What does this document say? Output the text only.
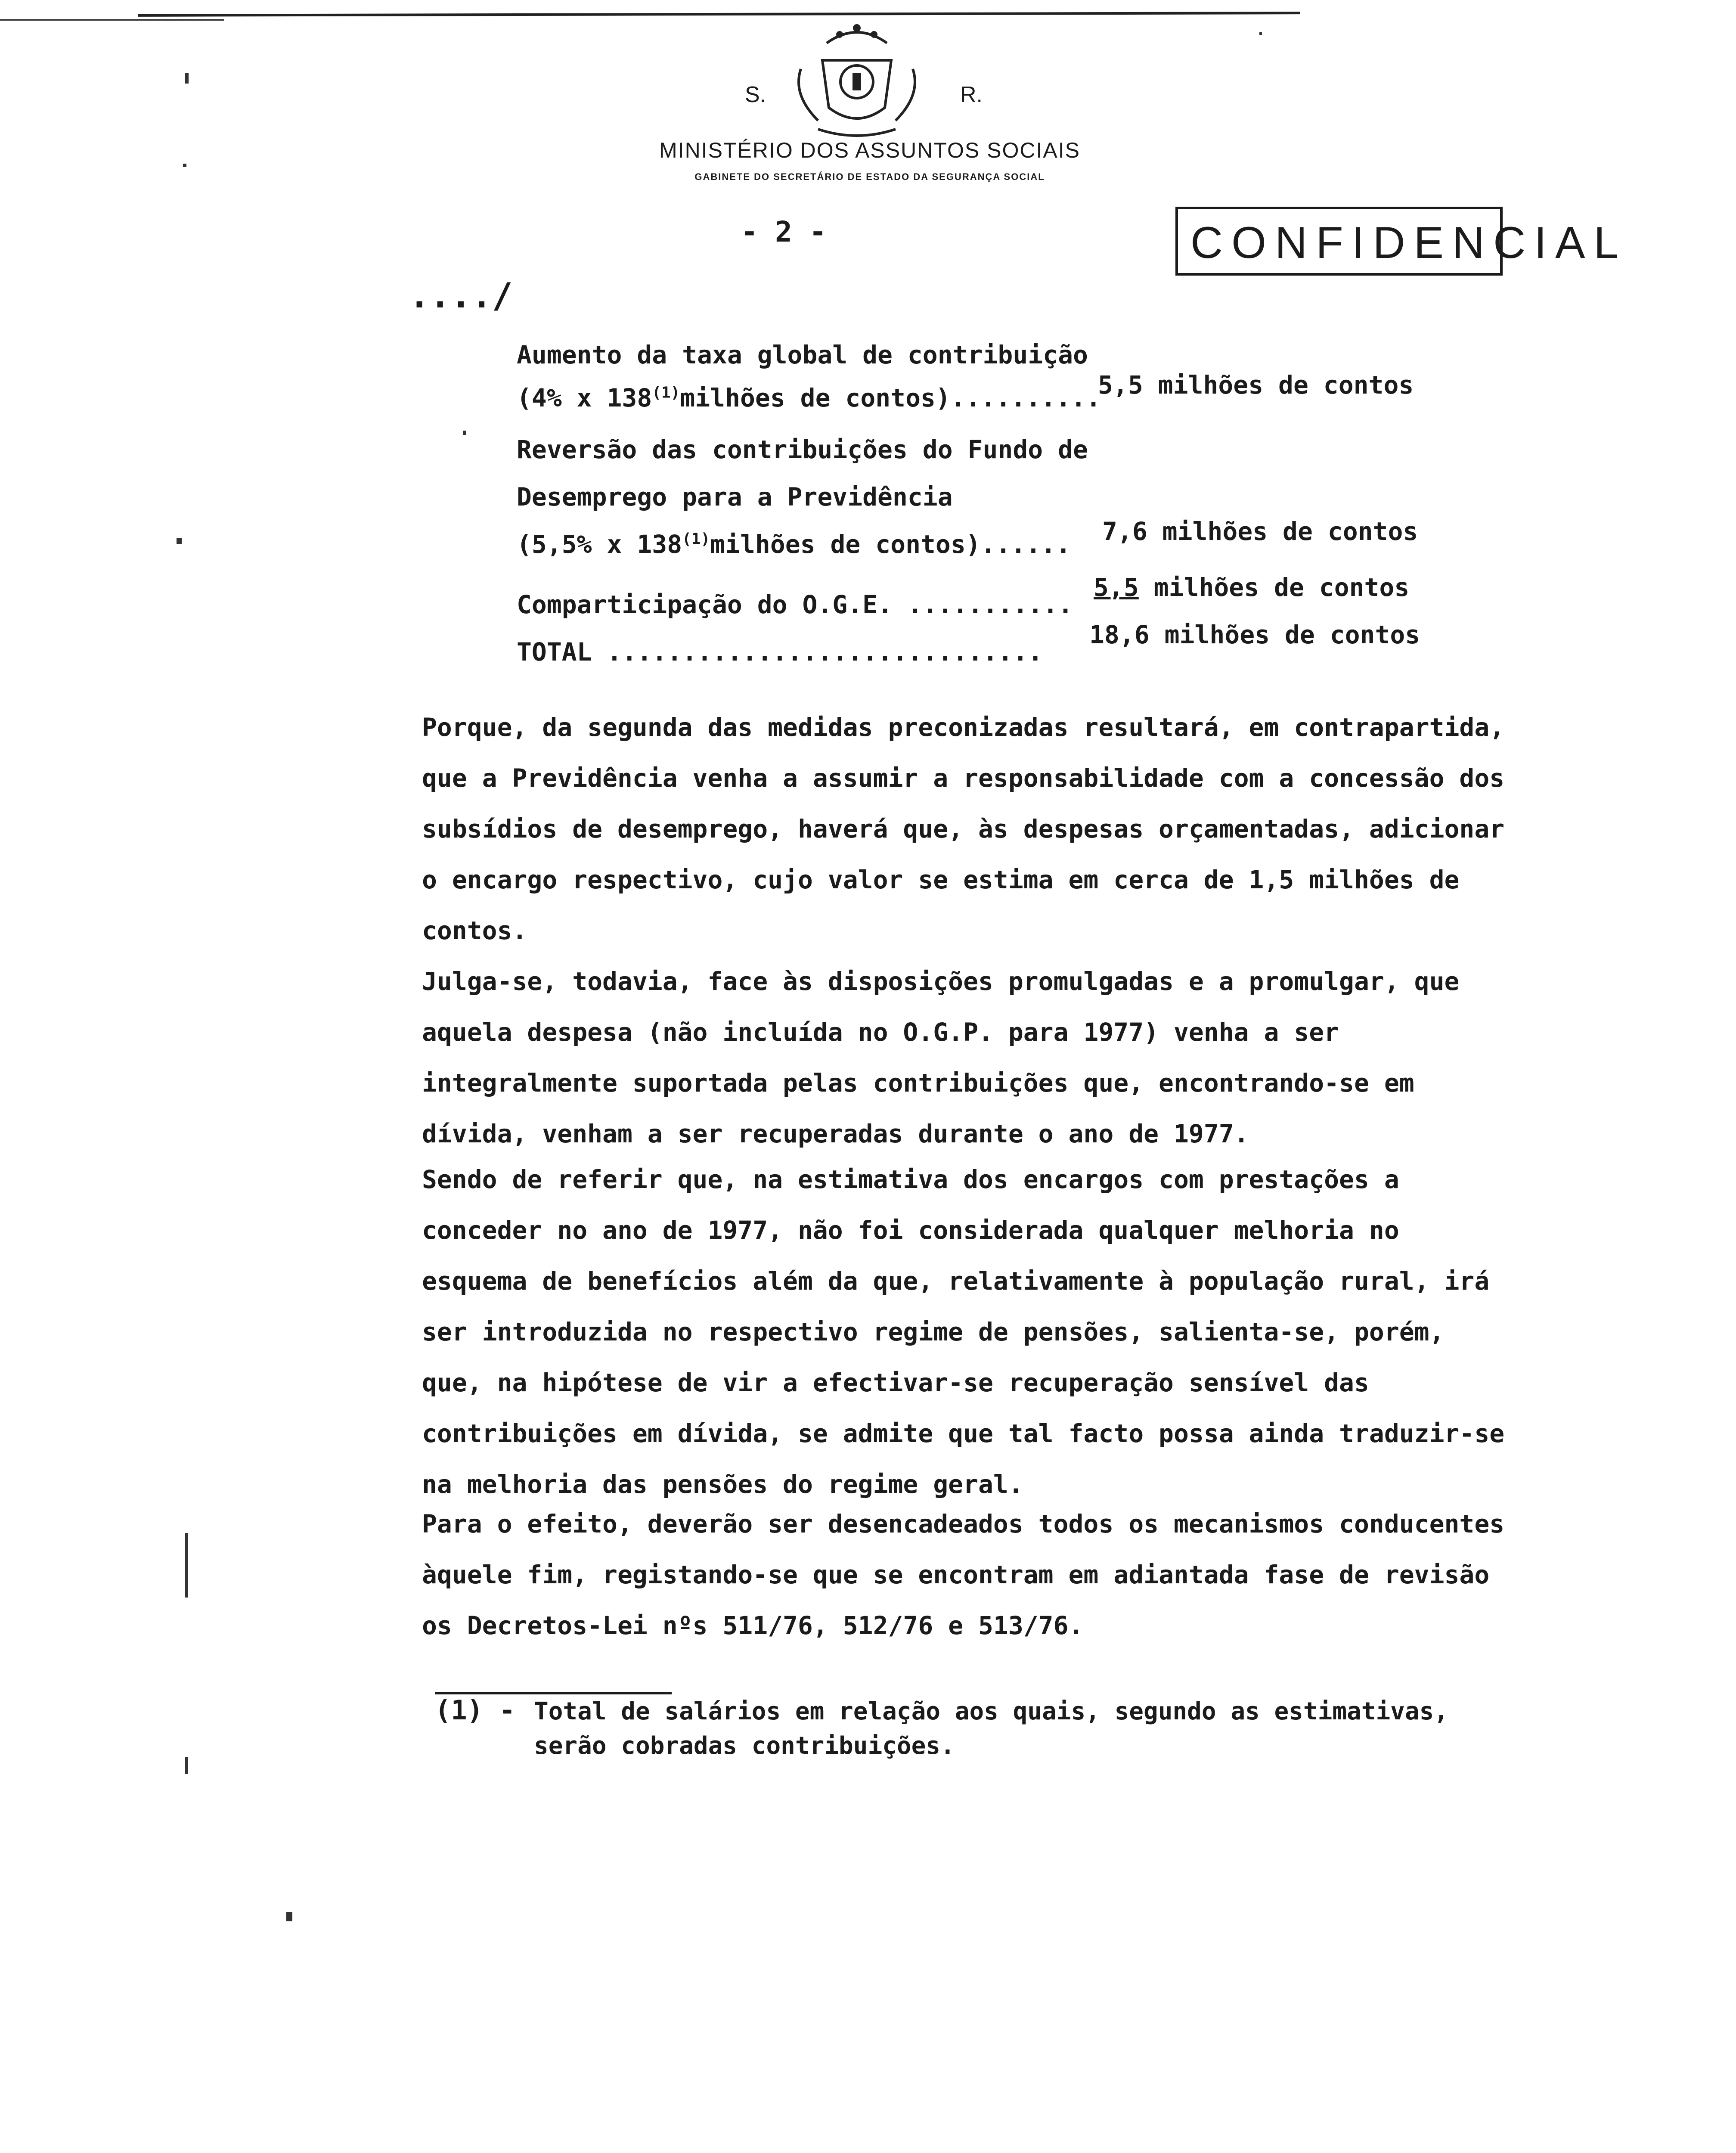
S.	R.
MINISTÉRIO DOS ASSUNTOS SOCIAIS
GABINETE DO SECRETÁRIO DE ESTADO DA SEGURANÇA SOCIAL
- 2 -	CONFIDENCIAL
..../
Aumento da taxa global de contribuição
(4% x 138$^{(1)}$milhões de contos)..........
5,5 milhões de contos
Reversão das contribuições do Fundo de
Desemprego para a Previdência
(5,5% x 138$^{(1)}$milhões de contos)...... 7,6 milhões de contos
Comparticipação do O.G.E. ...........
5,5 milhões de contos
TOTAL .............................
18,6 milhões de contos
Porque, da segunda das medidas preconizadas resultará, em contrapartida, que a Previdência venha a assumir a responsabilidade com a concessão dos subsídios de desemprego, haverá que, às despesas orçamentadas, adicionar o encargo respectivo, cujo valor se estima em cerca de 1,5 milhões de contos.
Julga-se, todavia, face às disposições promulgadas e a promulgar, que aquela despesa (não incluída no O.G.P. para 1977) venha a ser integralmente suportada pelas contribuições que, encontrando-se em dívida, venham a ser recuperadas durante o ano de 1977.
Sendo de referir que, na estimativa dos encargos com prestações a conceder no ano de 1977, não foi considerada qualquer melhoria no esquema de benefícios além da que, relativamente à população rural, irá ser introduzida no respectivo regime de pensões, salienta-se, porém, que, na hipótese de vir a efectivar-se recuperação sensível das contribuições em dívida, se admite que tal facto possa ainda traduzir-se na melhoria das pensões do regime geral.
Para o efeito, deverão ser desencadeados todos os mecanismos conducentes àquele fim, registando-se que se encontram em adiantada fase de revisão os Decretos-Lei nºs 511/76, 512/76 e 513/76.
(1) - Total de salários em relação aos quais, segundo as estimativas, serão cobradas contribuições.
